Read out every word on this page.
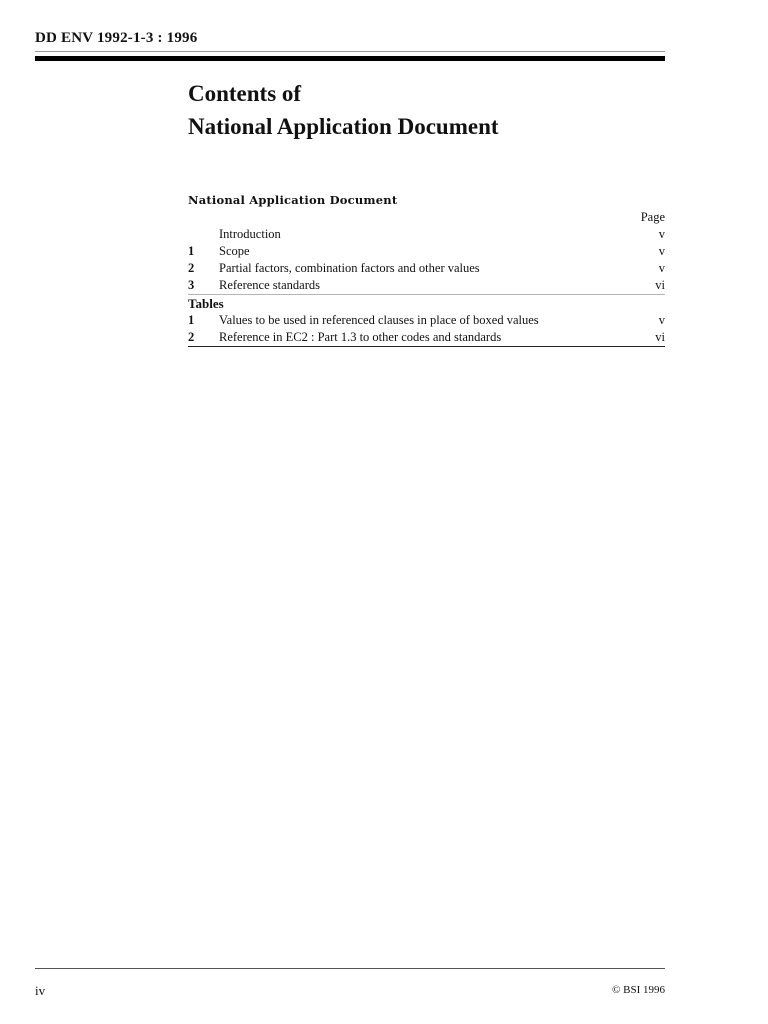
DD ENV 1992-1-3 : 1996
Contents of
National Application Document
National Application Document
Page
Introduction	v
1	Scope	v
2	Partial factors, combination factors and other values	v
3	Reference standards	vi
Tables
1	Values to be used in referenced clauses in place of boxed values	v
2	Reference in EC2 : Part 1.3 to other codes and standards	vi
iv	© BSI 1996
